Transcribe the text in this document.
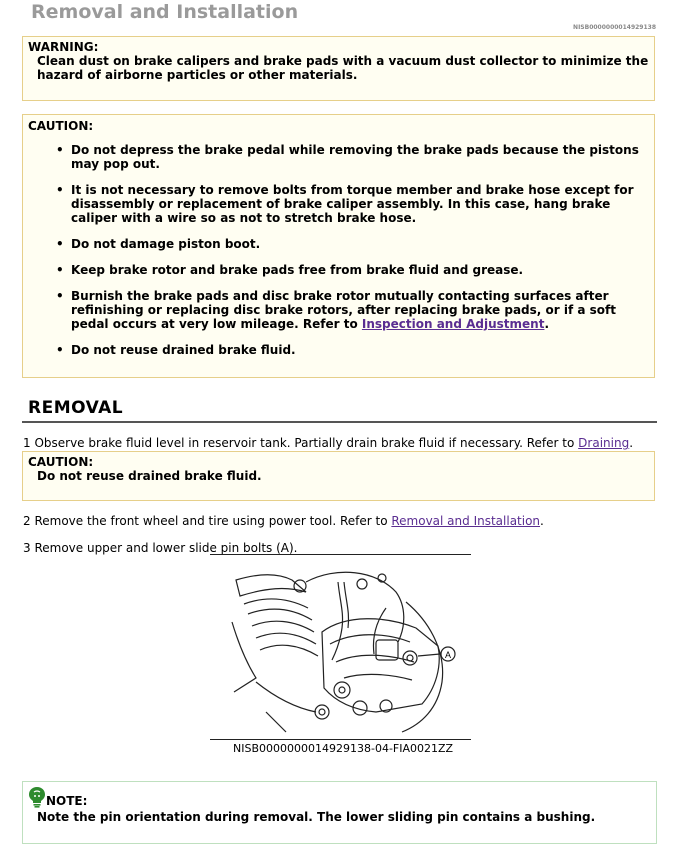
Removal and Installation
NISB0000000014929138
WARNING:
Clean dust on brake calipers and brake pads with a vacuum dust collector to minimize the hazard of airborne particles or other materials.
CAUTION:
• Do not depress the brake pedal while removing the brake pads because the pistons may pop out.
• It is not necessary to remove bolts from torque member and brake hose except for disassembly or replacement of brake caliper assembly. In this case, hang brake caliper with a wire so as not to stretch brake hose.
• Do not damage piston boot.
• Keep brake rotor and brake pads free from brake fluid and grease.
• Burnish the brake pads and disc brake rotor mutually contacting surfaces after refinishing or replacing disc brake rotors, after replacing brake pads, or if a soft pedal occurs at very low mileage. Refer to Inspection and Adjustment.
• Do not reuse drained brake fluid.
REMOVAL
1 Observe brake fluid level in reservoir tank. Partially drain brake fluid if necessary. Refer to Draining.
CAUTION:
Do not reuse drained brake fluid.
2 Remove the front wheel and tire using power tool. Refer to Removal and Installation.
3 Remove upper and lower slide pin bolts (A).
A
NISB0000000014929138-04-FIA0021ZZ
NOTE:
Note the pin orientation during removal. The lower sliding pin contains a bushing.
